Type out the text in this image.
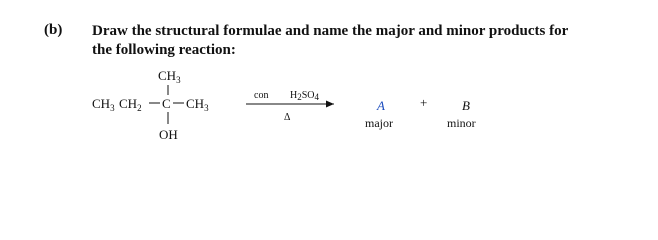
(b) Draw the structural formulae and name the major and minor products for
the following reaction:
$CH_3$
$CH_3$ $CH_2$ C $CH_3$
OH
con H2SO4
Δ
A
major
+	B
minor
